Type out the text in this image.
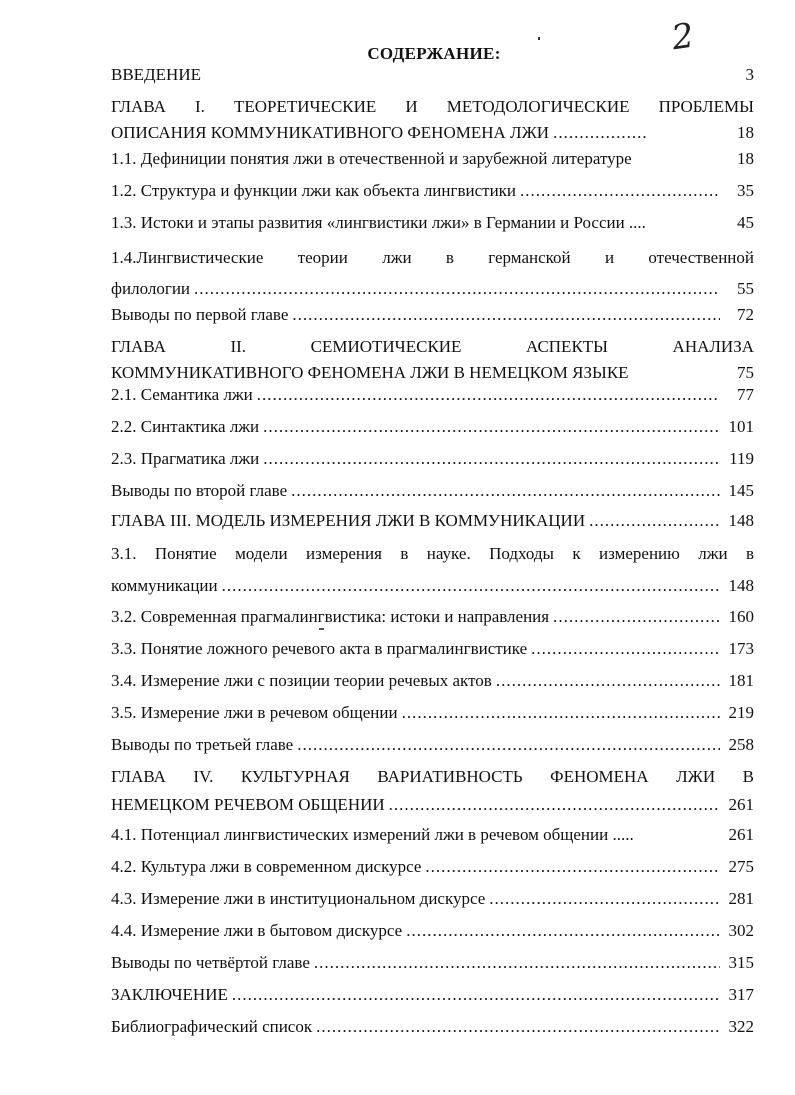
2
СОДЕРЖАНИЕ:
ВВЕДЕНИЕ	3
ГЛАВА I. ТЕОРЕТИЧЕСКИЕ И МЕТОДОЛОГИЧЕСКИЕ ПРОБЛЕМЫ
ОПИСАНИЯ КОММУНИКАТИВНОГО ФЕНОМЕНА ЛЖИ .....	18
1.1. Дефиниции понятия лжи в отечественной и зарубежной литературе	18
1.2. Структура и функции лжи как объекта лингвистики .....	35
1.3. Истоки и этапы развития «лингвистики лжи» в Германии и России ....	45
1.4.Лингвистические теории лжи в германской и отечественной
филологии .....	55
Выводы по первой главе .....	72
ГЛАВА II. СЕМИОТИЧЕСКИЕ АСПЕКТЫ АНАЛИЗА
КОММУНИКАТИВНОГО ФЕНОМЕНА ЛЖИ В НЕМЕЦКОМ ЯЗЫКЕ	75
2.1. Семантика лжи .....	77
2.2. Синтактика лжи .....	101
2.3. Прагматика лжи .....	119
Выводы по второй главе .....	145
ГЛАВА III. МОДЕЛЬ ИЗМЕРЕНИЯ ЛЖИ В КОММУНИКАЦИИ .....	148
3.1. Понятие модели измерения в науке. Подходы к измерению лжи в
коммуникации .....	148
3.2. Современная прагмалингвистика: истоки и направления .....	160
3.3. Понятие ложного речевого акта в прагмалингвистике .....	173
3.4. Измерение лжи с позиции теории речевых актов .....	181
3.5. Измерение лжи в речевом общении .....	219
Выводы по третьей главе .....	258
ГЛАВА IV. КУЛЬТУРНАЯ ВАРИАТИВНОСТЬ ФЕНОМЕНА ЛЖИ В
НЕМЕЦКОМ РЕЧЕВОМ ОБЩЕНИИ .....	261
4.1. Потенциал лингвистических измерений лжи в речевом общении .....	261
4.2. Культура лжи в современном дискурсе .....	275
4.3. Измерение лжи в институциональном дискурсе .....	281
4.4. Измерение лжи в бытовом дискурсе .....	302
Выводы по четвёртой главе .....	315
ЗАКЛЮЧЕНИЕ .....	317
Библиографический список .....	322
